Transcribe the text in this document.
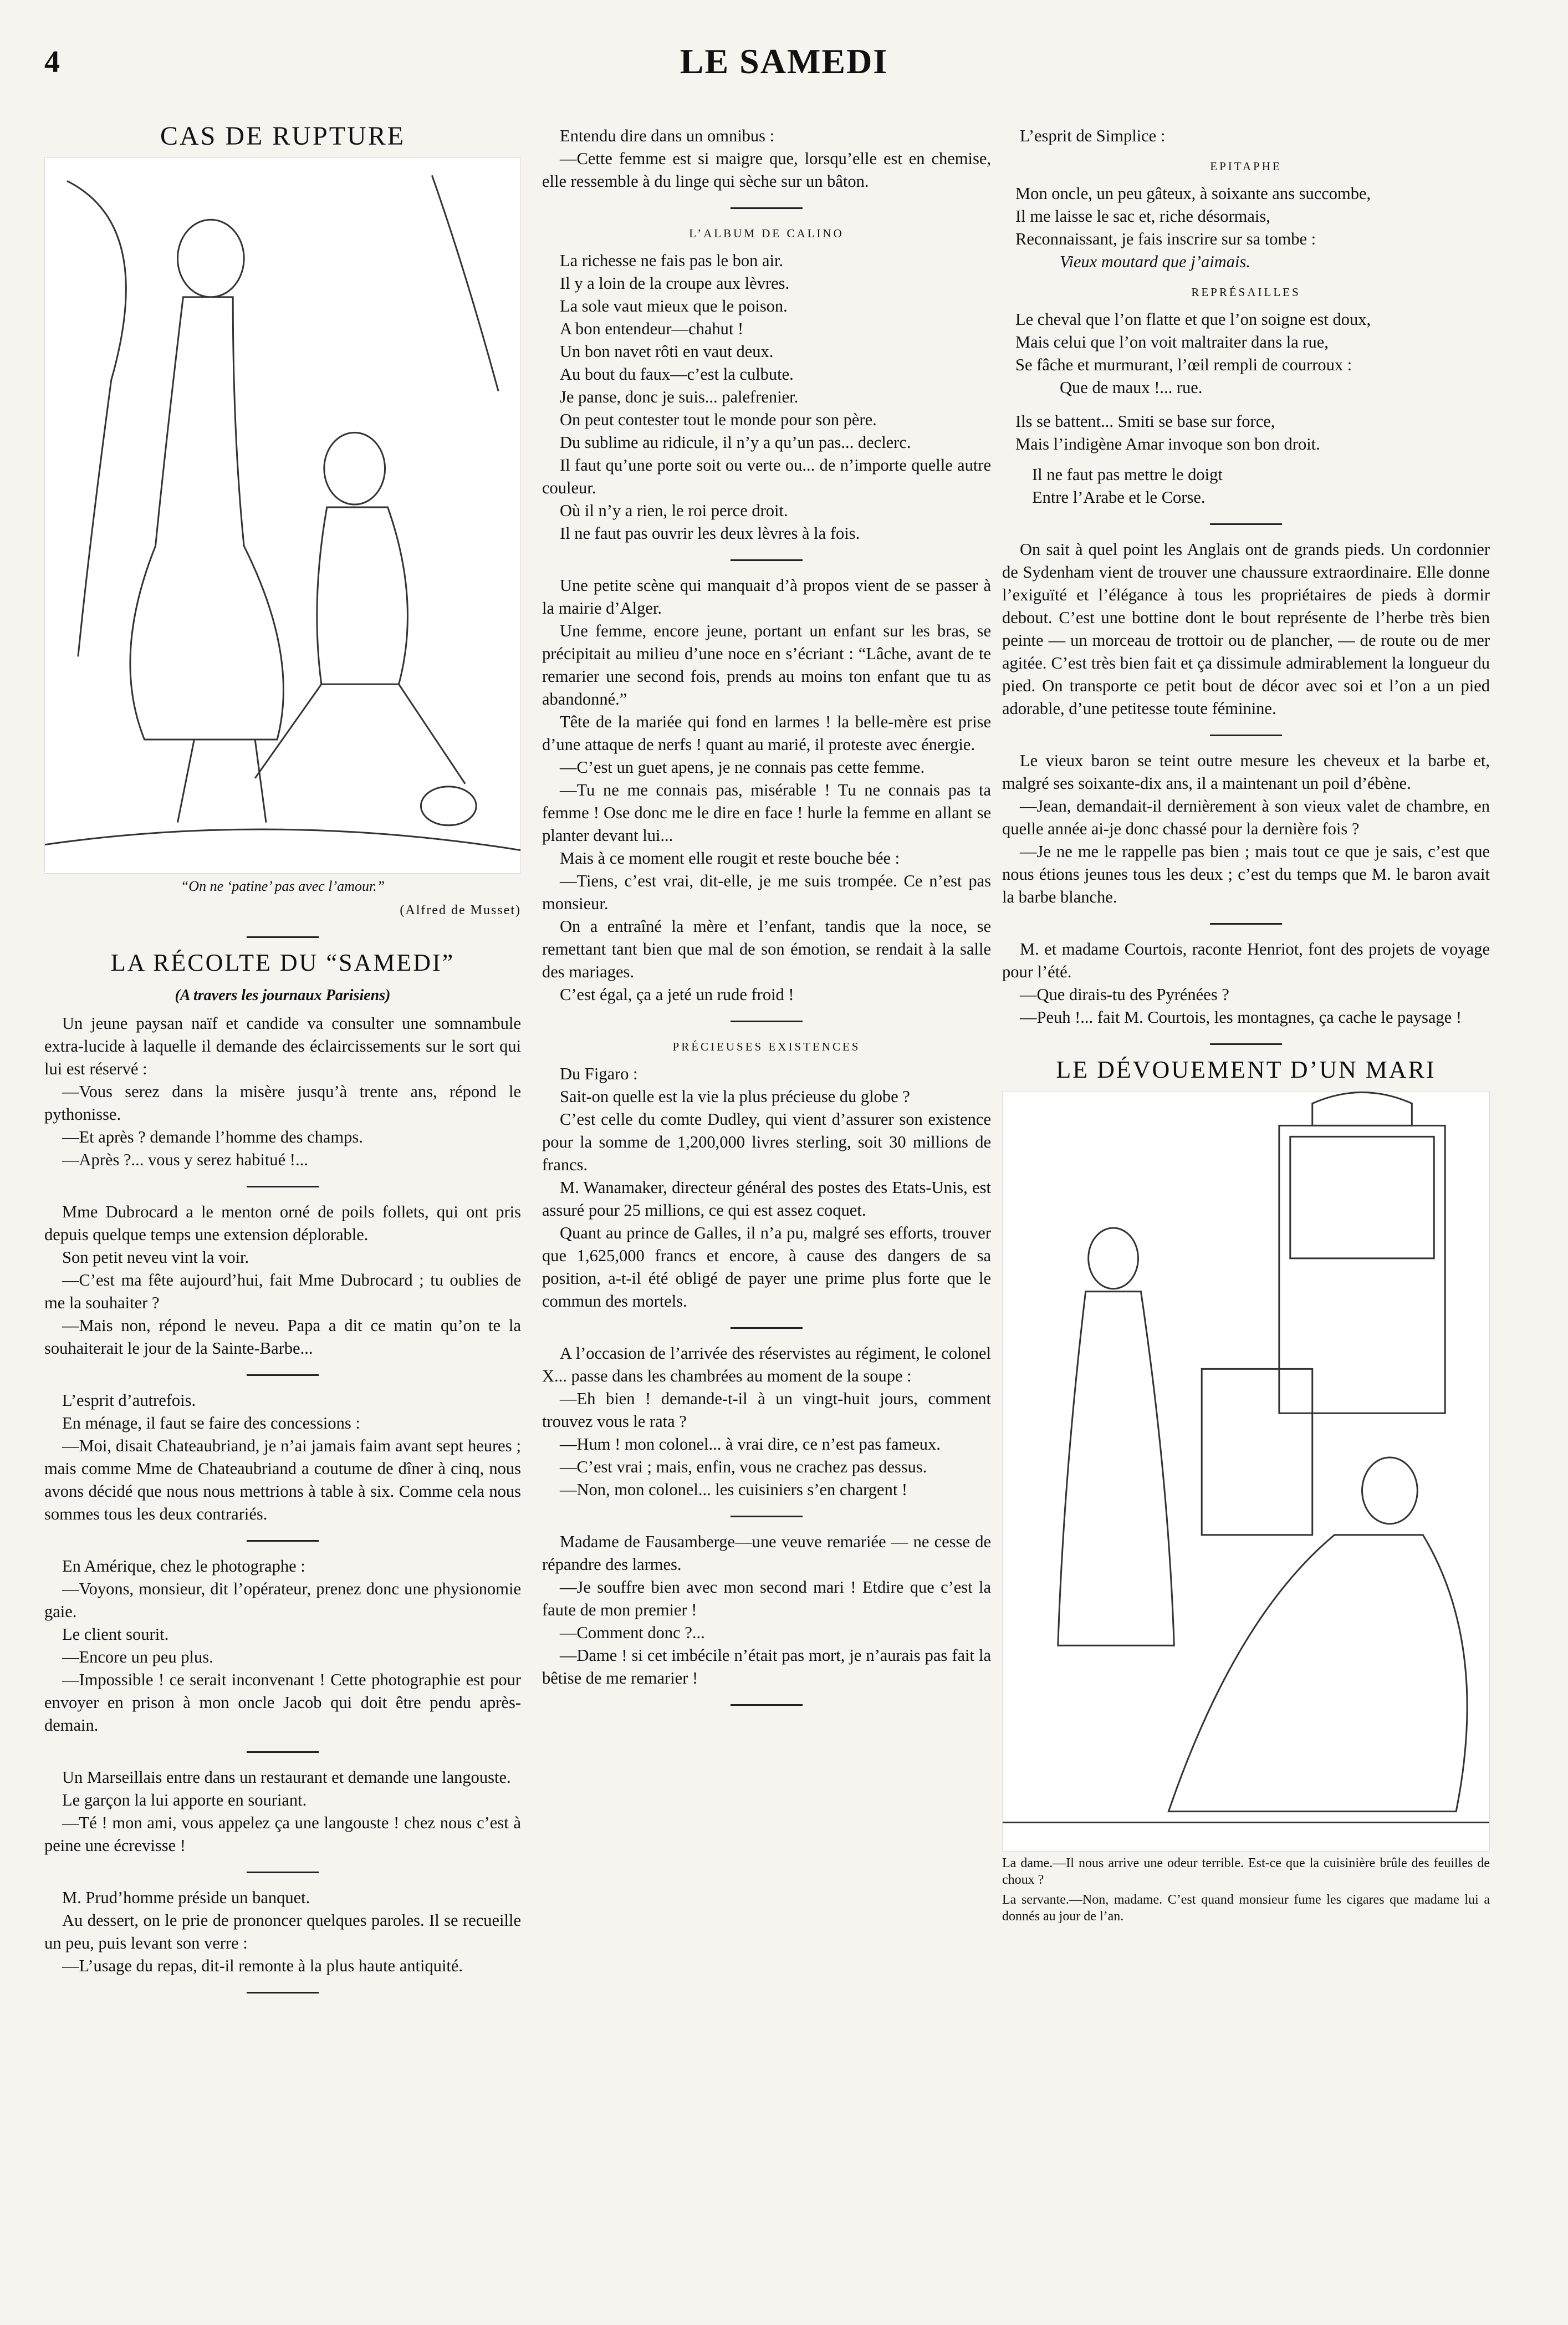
4	LE SAMEDI
CAS DE RUPTURE
“On ne ‘patine’ pas avec l’amour.”
(Alfred de Musset)
LA RÉCOLTE DU “SAMEDI”
(A travers les journaux Parisiens)

Un jeune paysan naïf et candide va consulter une somnambule extra-lucide à laquelle il demande des éclaircissements sur le sort qui lui est réservé :

—Vous serez dans la misère jusqu’à trente ans, répond le pythonisse.

—Et après ? demande l’homme des champs.

—Après ?... vous y serez habitué !...

Mme Dubrocard a le menton orné de poils follets, qui ont pris depuis quelque temps une extension déplorable.

Son petit neveu vint la voir.

—C’est ma fête aujourd’hui, fait Mme Dubrocard ; tu oublies de me la souhaiter ?

—Mais non, répond le neveu. Papa a dit ce matin qu’on te la souhaiterait le jour de la Sainte-Barbe...

L’esprit d’autrefois.

En ménage, il faut se faire des concessions :

—Moi, disait Chateaubriand, je n’ai jamais faim avant sept heures ; mais comme Mme de Chateaubriand a coutume de dîner à cinq, nous avons décidé que nous nous mettrions à table à six. Comme cela nous sommes tous les deux contrariés.

En Amérique, chez le photographe :

—Voyons, monsieur, dit l’opérateur, prenez donc une physionomie gaie.

Le client sourit.

—Encore un peu plus.

—Impossible ! ce serait inconvenant ! Cette photographie est pour envoyer en prison à mon oncle Jacob qui doit être pendu après-demain.

Un Marseillais entre dans un restaurant et demande une langouste.

Le garçon la lui apporte en souriant.

—Té ! mon ami, vous appelez ça une langouste ! chez nous c’est à peine une écrevisse !

M. Prud’homme préside un banquet.

Au dessert, on le prie de prononcer quelques paroles. Il se recueille un peu, puis levant son verre :

—L’usage du repas, dit-il remonte à la plus haute antiquité.

Entendu dire dans un omnibus :

—Cette femme est si maigre que, lorsqu’elle est en chemise, elle ressemble à du linge qui sèche sur un bâton.

L’ALBUM DE CALINO

La richesse ne fais pas le bon air.

Il y a loin de la croupe aux lèvres.

La sole vaut mieux que le poison.

A bon entendeur—chahut !

Un bon navet rôti en vaut deux.

Au bout du faux—c’est la culbute.

Je panse, donc je suis... palefrenier.

On peut contester tout le monde pour son père.

Du sublime au ridicule, il n’y a qu’un pas... declerc.

Il faut qu’une porte soit ou verte ou... de n’importe quelle autre couleur.

Où il n’y a rien, le roi perce droit.

Il ne faut pas ouvrir les deux lèvres à la fois.

Une petite scène qui manquait d’à propos vient de se passer à la mairie d’Alger.

Une femme, encore jeune, portant un enfant sur les bras, se précipitait au milieu d’une noce en s’écriant : “Lâche, avant de te remarier une second fois, prends au moins ton enfant que tu as abandonné.”

Tête de la mariée qui fond en larmes ! la belle-mère est prise d’une attaque de nerfs ! quant au marié, il proteste avec énergie.

—C’est un guet apens, je ne connais pas cette femme.

—Tu ne me connais pas, misérable ! Tu ne connais pas ta femme ! Ose donc me le dire en face ! hurle la femme en allant se planter devant lui...

Mais à ce moment elle rougit et reste bouche bée :

—Tiens, c’est vrai, dit-elle, je me suis trompée. Ce n’est pas monsieur.

On a entraîné la mère et l’enfant, tandis que la noce, se remettant tant bien que mal de son émotion, se rendait à la salle des mariages.

C’est égal, ça a jeté un rude froid !

PRÉCIEUSES EXISTENCES

Du Figaro :

Sait-on quelle est la vie la plus précieuse du globe ?

C’est celle du comte Dudley, qui vient d’assurer son existence pour la somme de 1,200,000 livres sterling, soit 30 millions de francs.

M. Wanamaker, directeur général des postes des Etats-Unis, est assuré pour 25 millions, ce qui est assez coquet.

Quant au prince de Galles, il n’a pu, malgré ses efforts, trouver que 1,625,000 francs et encore, à cause des dangers de sa position, a-t-il été obligé de payer une prime plus forte que le commun des mortels.

A l’occasion de l’arrivée des réservistes au régiment, le colonel X... passe dans les chambrées au moment de la soupe :

—Eh bien ! demande-t-il à un vingt-huit jours, comment trouvez vous le rata ?

—Hum ! mon colonel... à vrai dire, ce n’est pas fameux.

—C’est vrai ; mais, enfin, vous ne crachez pas dessus.

—Non, mon colonel... les cuisiniers s’en chargent !

Madame de Fausamberge—une veuve remariée — ne cesse de répandre des larmes.

—Je souffre bien avec mon second mari ! Etdire que c’est la faute de mon premier !

—Comment donc ?...

—Dame ! si cet imbécile n’était pas mort, je n’aurais pas fait la bêtise de me remarier !

L’esprit de Simplice :

EPITAPHE
Mon oncle, un peu gâteux, à soixante ans succombe,
Il me laisse le sac et, riche désormais,
Reconnaissant, je fais inscrire sur sa tombe :
Vieux moutard que j’aimais.
REPRÉSAILLES
Le cheval que l’on flatte et que l’on soigne est doux,
Mais celui que l’on voit maltraiter dans la rue,
Se fâche et murmurant, l’œil rempli de courroux :
Que de maux !... rue.
Ils se battent... Smiti se base sur force,
Mais l’indigène Amar invoque son bon droit.
Il ne faut pas mettre le doigt
Entre l’Arabe et le Corse.

On sait à quel point les Anglais ont de grands pieds. Un cordonnier de Sydenham vient de trouver une chaussure extraordinaire. Elle donne l’exiguïté et l’élégance à tous les propriétaires de pieds à dormir debout. C’est une bottine dont le bout représente de l’herbe très bien peinte — un morceau de trottoir ou de plancher, — de route ou de mer agitée. C’est très bien fait et ça dissimule admirablement la longueur du pied. On transporte ce petit bout de décor avec soi et l’on a un pied adorable, d’une petitesse toute féminine.

Le vieux baron se teint outre mesure les cheveux et la barbe et, malgré ses soixante-dix ans, il a maintenant un poil d’ébène.

—Jean, demandait-il dernièrement à son vieux valet de chambre, en quelle année ai-je donc chassé pour la dernière fois ?

—Je ne me le rappelle pas bien ; mais tout ce que je sais, c’est que nous étions jeunes tous les deux ; c’est du temps que M. le baron avait la barbe blanche.

M. et madame Courtois, raconte Henriot, font des projets de voyage pour l’été.

—Que dirais-tu des Pyrénées ?

—Peuh !... fait M. Courtois, les montagnes, ça cache le paysage !

LE DÉVOUEMENT D’UN MARI
La dame.—Il nous arrive une odeur terrible. Est-ce que la cuisinière brûle des feuilles de choux ?
La servante.—Non, madame. C’est quand monsieur fume les cigares que madame lui a donnés au jour de l’an.
